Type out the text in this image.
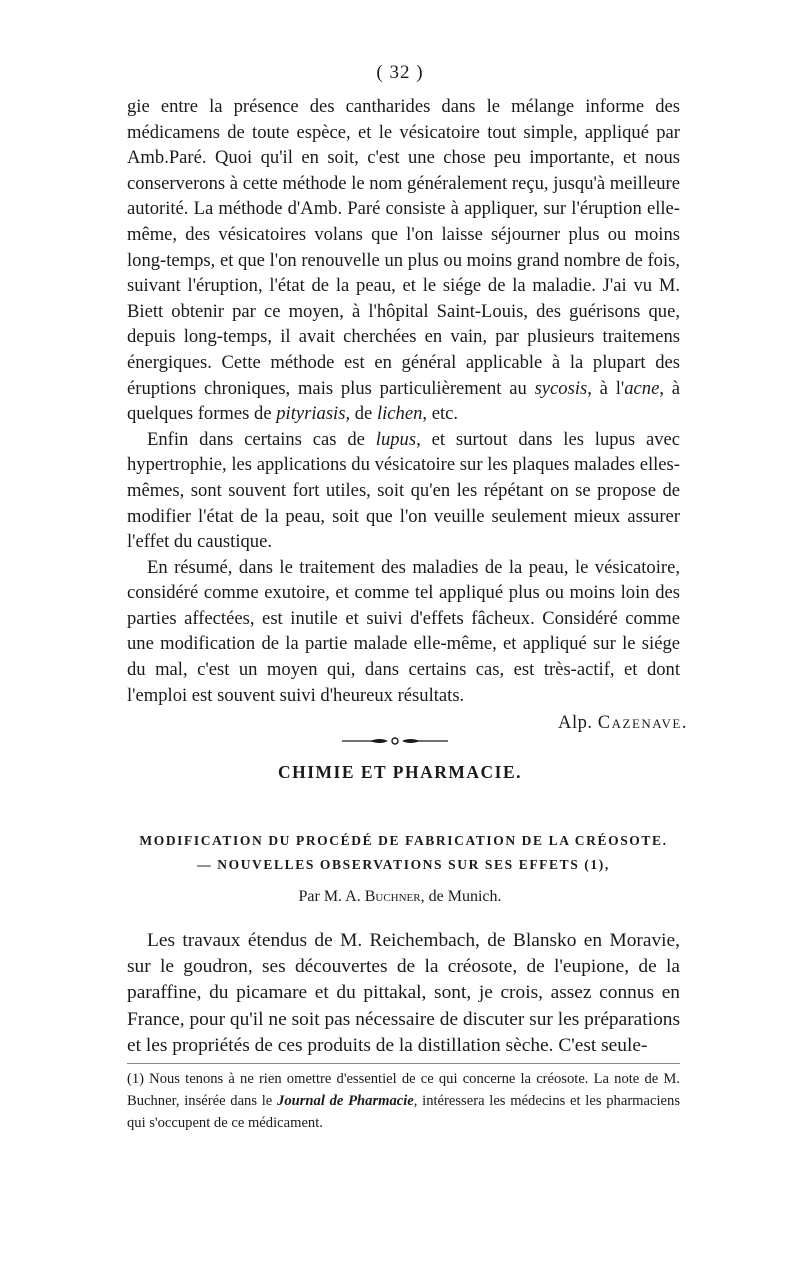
( 32 )

gie entre la présence des cantharides dans le mélange informe des médicamens de toute espèce, et le vésicatoire tout simple, appliqué par Amb.Paré. Quoi qu'il en soit, c'est une chose peu importante, et nous conserverons à cette méthode le nom généralement reçu, jusqu'à meilleure autorité. La méthode d'Amb. Paré consiste à appliquer, sur l'éruption elle-même, des vésicatoires volans que l'on laisse séjourner plus ou moins long-temps, et que l'on renouvelle un plus ou moins grand nombre de fois, suivant l'éruption, l'état de la peau, et le siége de la maladie. J'ai vu M. Biett obtenir par ce moyen, à l'hôpital Saint-Louis, des guérisons que, depuis long-temps, il avait cherchées en vain, par plusieurs traitemens énergiques. Cette méthode est en général applicable à la plupart des éruptions chroniques, mais plus particulièrement au sycosis, à l'acne, à quelques formes de pityriasis, de lichen, etc.

Enfin dans certains cas de lupus, et surtout dans les lupus avec hypertrophie, les applications du vésicatoire sur les plaques malades elles-mêmes, sont souvent fort utiles, soit qu'en les répétant on se propose de modifier l'état de la peau, soit que l'on veuille seulement mieux assurer l'effet du caustique.

En résumé, dans le traitement des maladies de la peau, le vésicatoire, considéré comme exutoire, et comme tel appliqué plus ou moins loin des parties affectées, est inutile et suivi d'effets fâcheux. Considéré comme une modification de la partie malade elle-même, et appliqué sur le siége du mal, c'est un moyen qui, dans certains cas, est très-actif, et dont l'emploi est souvent suivi d'heureux résultats.

Alp. Cazenave.
CHIMIE ET PHARMACIE.
MODIFICATION DU PROCÉDÉ DE FABRICATION DE LA CRÉOSOTE.
— NOUVELLES OBSERVATIONS SUR SES EFFETS (1),
Par M. A. Buchner, de Munich.

Les travaux étendus de M. Reichembach, de Blansko en Moravie, sur le goudron, ses découvertes de la créosote, de l'eupione, de la paraffine, du picamare et du pittakal, sont, je crois, assez connus en France, pour qu'il ne soit pas nécessaire de discuter sur les préparations et les propriétés de ces produits de la distillation sèche. C'est seule-

(1) Nous tenons à ne rien omettre d'essentiel de ce qui concerne la créosote. La note de M. Buchner, insérée dans le Journal de Pharmacie, intéressera les médecins et les pharmaciens qui s'occupent de ce médicament.
